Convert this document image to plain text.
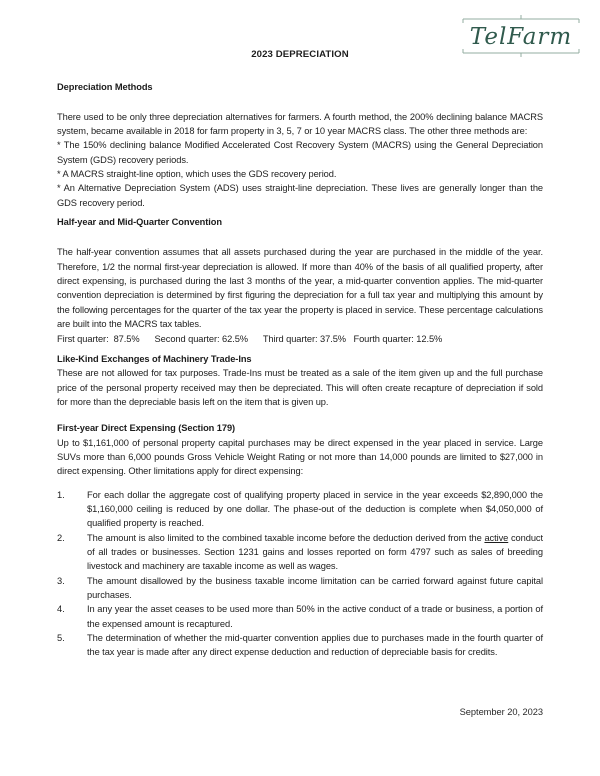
TelFarm
2023 DEPRECIATION
Depreciation Methods
There used to be only three depreciation alternatives for farmers. A fourth method, the 200% declining balance MACRS system, became available in 2018 for farm property in 3, 5, 7 or 10 year MACRS class. The other three methods are:
* The 150% declining balance Modified Accelerated Cost Recovery System (MACRS) using the General Depreciation System (GDS) recovery periods.
* A MACRS straight-line option, which uses the GDS recovery period.
* An Alternative Depreciation System (ADS) uses straight-line depreciation. These lives are generally longer than the GDS recovery period.
Half-year and Mid-Quarter Convention
The half-year convention assumes that all assets purchased during the year are purchased in the middle of the year. Therefore, 1/2 the normal first-year depreciation is allowed. If more than 40% of the basis of all qualified property, after direct expensing, is purchased during the last 3 months of the year, a mid-quarter convention applies. The mid-quarter convention depreciation is determined by first figuring the depreciation for a full tax year and multiplying this amount by the following percentages for the quarter of the tax year the property is placed in service. These percentage calculations are built into the MACRS tax tables.
First quarter:  87.5%      Second quarter: 62.5%      Third quarter: 37.5%   Fourth quarter: 12.5%
Like-Kind Exchanges of Machinery Trade-Ins
These are not allowed for tax purposes. Trade-Ins must be treated as a sale of the item given up and the full purchase price of the personal property received may then be depreciated. This will often create recapture of depreciation if sold for more than the depreciable basis left on the item that is given up.
First-year Direct Expensing (Section 179)
Up to $1,161,000 of personal property capital purchases may be direct expensed in the year placed in service. Large SUVs more than 6,000 pounds Gross Vehicle Weight Rating or not more than 14,000 pounds are limited to $27,000 in direct expensing. Other limitations apply for direct expensing:
1. For each dollar the aggregate cost of qualifying property placed in service in the year exceeds $2,890,000 the $1,160,000 ceiling is reduced by one dollar. The phase-out of the deduction is complete when $4,050,000 of qualified property is reached.
2. The amount is also limited to the combined taxable income before the deduction derived from the active conduct of all trades or businesses. Section 1231 gains and losses reported on form 4797 such as sales of breeding livestock and machinery are taxable income as well as wages.
3. The amount disallowed by the business taxable income limitation can be carried forward against future capital purchases.
4. In any year the asset ceases to be used more than 50% in the active conduct of a trade or business, a portion of the expensed amount is recaptured.
5. The determination of whether the mid-quarter convention applies due to purchases made in the fourth quarter of the tax year is made after any direct expense deduction and reduction of depreciable basis for credits.
September 20, 2023
